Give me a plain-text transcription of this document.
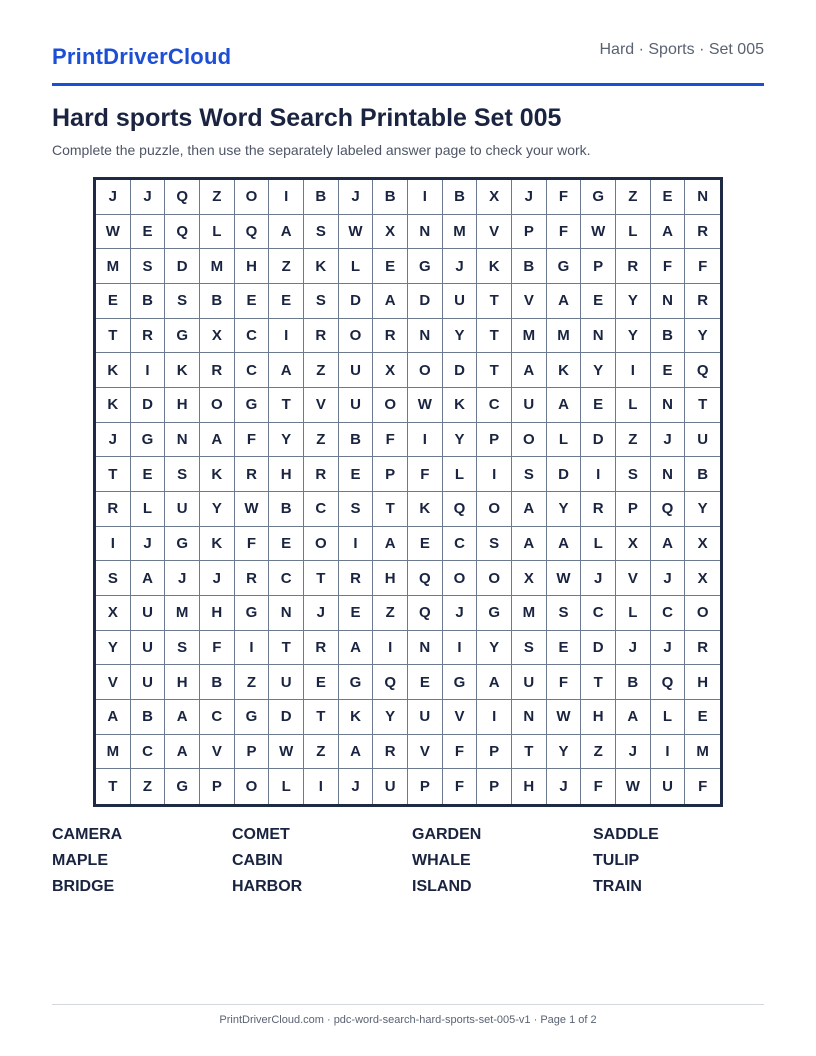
PrintDriverCloud	Hard · Sports · Set 005
Hard sports Word Search Printable Set 005
Complete the puzzle, then use the separately labeled answer page to check your work.
J	J	Q	Z	O	I	B	J	B	I	B	X	J	F	G	Z	E	N
W	E	Q	L	Q	A	S	W	X	N	M	V	P	F	W	L	A	R
M	S	D	M	H	Z	K	L	E	G	J	K	B	G	P	R	F	F
E	B	S	B	E	E	S	D	A	D	U	T	V	A	E	Y	N	R
T	R	G	X	C	I	R	O	R	N	Y	T	M	M	N	Y	B	Y
K	I	K	R	C	A	Z	U	X	O	D	T	A	K	Y	I	E	Q
K	D	H	O	G	T	V	U	O	W	K	C	U	A	E	L	N	T
J	G	N	A	F	Y	Z	B	F	I	Y	P	O	L	D	Z	J	U
T	E	S	K	R	H	R	E	P	F	L	I	S	D	I	S	N	B
R	L	U	Y	W	B	C	S	T	K	Q	O	A	Y	R	P	Q	Y
I	J	G	K	F	E	O	I	A	E	C	S	A	A	L	X	A	X
S	A	J	J	R	C	T	R	H	Q	O	O	X	W	J	V	J	X
X	U	M	H	G	N	J	E	Z	Q	J	G	M	S	C	L	C	O
Y	U	S	F	I	T	R	A	I	N	I	Y	S	E	D	J	J	R
V	U	H	B	Z	U	E	G	Q	E	G	A	U	F	T	B	Q	H
A	B	A	C	G	D	T	K	Y	U	V	I	N	W	H	A	L	E
M	C	A	V	P	W	Z	A	R	V	F	P	T	Y	Z	J	I	M
T	Z	G	P	O	L	I	J	U	P	F	P	H	J	F	W	U	F
CAMERA	COMET	GARDEN	SADDLE
MAPLE	CABIN	WHALE	TULIP
BRIDGE	HARBOR	ISLAND	TRAIN
PrintDriverCloud.com · pdc-word-search-hard-sports-set-005-v1 · Page 1 of 2
